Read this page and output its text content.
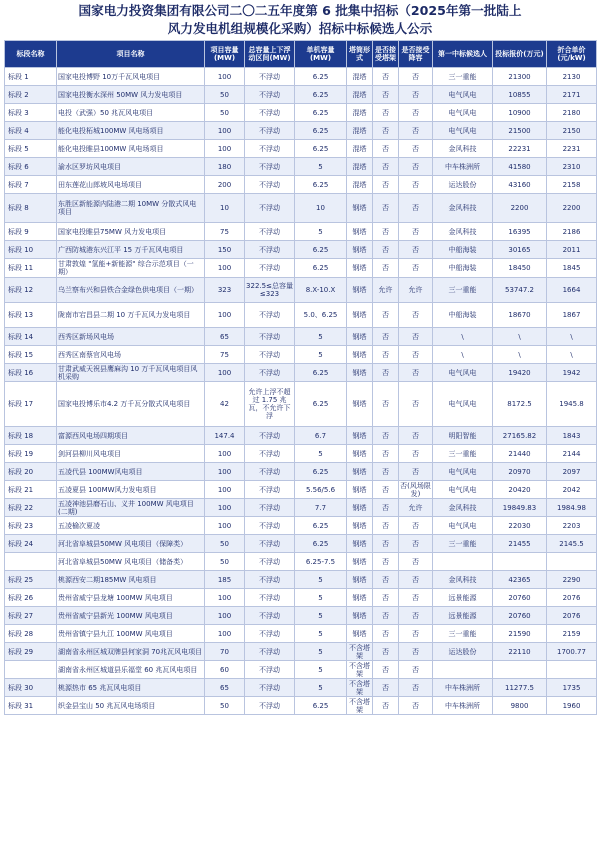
国家电力投资集团有限公司二〇二五年度第 6 批集中招标（2025年第一批陆上
风力发电机组规模化采购）招标中标候选人公示
标段名称	项目名称	项目容量(MW)	总容量上下浮动区间(MW)	单机容量(MW)	塔筒形式	是否接受塔架	是否接受降容	第一中标候选人	投标报价(万元)	折合单价(元/kW)
标段 1	国家电投博野 10万千瓦风电项目	100	不浮动	6.25	混塔	否	否	三一重能	21300	2130
标段 2	国家电投衡水深州 50MW 风力发电项目	50	不浮动	6.25	混塔	否	否	电气风电	10855	2171
标段 3	电投（武强）50 兆瓦风电项目	50	不浮动	6.25	混塔	否	否	电气风电	10900	2180
标段 4	能化电投柘城100MW 风电场项目	100	不浮动	6.25	混塔	否	否	电气风电	21500	2150
标段 5	能化电投睢县100MW 风电场项目	100	不浮动	6.25	混塔	否	否	金风科技	22231	2231
标段 6	渝水区罗坊风电项目	180	不浮动	5	混塔	否	否	中车株洲所	41580	2310
标段 7	田东莲花山郎坡风电场项目	200	不浮动	6.25	混塔	否	否	运达股份	43160	2158
标段 8	东胜区新能源内陆港二期 10MW 分散式风电项目	10	不浮动	10	钢塔	否	否	金风科技	2200	2200
标段 9	国家电投睢县75MW 风力发电项目	75	不浮动	5	钢塔	否	否	金风科技	16395	2186
标段 10	广西防城港东兴江平 15 万千瓦风电项目	150	不浮动	6.25	钢塔	否	否	中船海装	30165	2011
标段 11	甘肃敦煌 "氢能+新能源" 综合示范项目（一期）	100	不浮动	6.25	钢塔	否	否	中船海装	18450	1845
标段 12	乌兰察布兴和县铁合金绿色供电项目（一期）	323	322.5≤总容量≤323	8.X-10.X	钢塔	允许	允许	三一重能	53747.2	1664
标段 13	陇南市宕昌县二期 10 万千瓦风力发电项目	100	不浮动	5.0、6.25	钢塔	否	否	中船海装	18670	1867
标段 14	西秀区新场风电场	65	不浮动	5	钢塔	否	否	\	\	\
标段 15	西秀区南蔡官风电场	75	不浮动	5	钢塔	否	否	\	\	\
标段 16	甘肃武威天祝县鹰麻沟 10 万千瓦风电项目风机采购	100	不浮动	6.25	钢塔	否	否	电气风电	19420	1942
标段 17	国家电投博乐市4.2 万千瓦分散式风电项目	42	允许上浮不超过 1.75 兆瓦，不允许下浮	6.25	钢塔	否	否	电气风电	8172.5	1945.8
标段 18	富源西风电场四期项目	147.4	不浮动	6.7	钢塔	否	否	明阳智能	27165.82	1843
标段 19	剑河县柳川风电项目	100	不浮动	5	钢塔	否	否	三一重能	21440	2144
标段 20	五凌代县 100MW风电项目	100	不浮动	6.25	钢塔	否	否	电气风电	20970	2097
标段 21	五凌夏县 100MW风力发电项目	100	不浮动	5.56/5.6	钢塔	否	否(风场限发)	电气风电	20420	2042
标段 22	五凌神池县磨石山、义井 100MW 风电项目(二期)	100	不浮动	7.7	钢塔	否	允许	金风科技	19849.83	1984.98
标段 23	五凌榆次夏凌	100	不浮动	6.25	钢塔	否	否	电气风电	22030	2203
标段 24	河北省阜城县50MW 风电项目（保障类）	50	不浮动	6.25	钢塔	否	否	三一重能	21455	2145.5
	河北省阜城县50MW 风电项目（储备类）	50	不浮动	6.25-7.5	钢塔	否	否			
标段 25	桃源西安二期185MW 风电项目	185	不浮动	5	钢塔	否	否	金风科技	42365	2290
标段 26	贵州省威宁县龙塘 100MW 风电项目	100	不浮动	5	钢塔	否	否	远景能源	20760	2076
标段 27	贵州省威宁县新光 100MW 风电项目	100	不浮动	5	钢塔	否	否	远景能源	20760	2076
标段 28	贵州省镇宁县九江 100MW 风电项目	100	不浮动	5	钢塔	否	否	三一重能	21590	2159
标段 29	湖南省永州区城双牌县何家洞 70兆瓦风电项目	70	不浮动	5	不含塔架	否	否	运达股份	22110	1700.77
	湖南省永州区城道县乐福堂 60 兆瓦风电项目	60	不浮动	5	不含塔架	否	否			
标段 30	桃源热市 65 兆瓦风电项目	65	不浮动	5	不含塔架	否	否	中车株洲所	11277.5	1735
标段 31	织金县宝山 50 兆瓦风电场项目	50	不浮动	6.25	不含塔架	否	否	中车株洲所	9800	1960
